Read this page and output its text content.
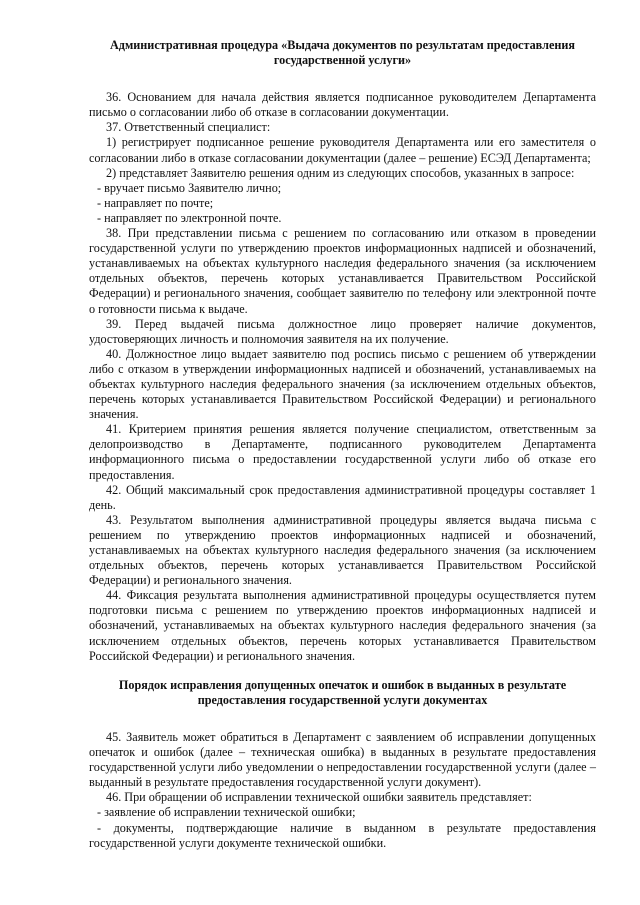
Административная процедура «Выдача документов по результатам предоставления государственной услуги»

36. Основанием для начала действия является подписанное руководителем Департамента письмо о согласовании либо об отказе в согласовании документации.

37. Ответственный специалист:

1) регистрирует подписанное решение руководителя Департамента или его заместителя о согласовании либо в отказе согласовании документации (далее – решение) ЕСЭД Департамента;

2) представляет Заявителю решения одним из следующих способов, указанных в запросе:

- вручает письмо Заявителю лично;

- направляет по почте;

- направляет по электронной почте.

38. При представлении письма с решением по согласованию или отказом в проведении государственной услуги по утверждению проектов информационных надписей и обозначений, устанавливаемых на объектах культурного наследия федерального значения (за исключением отдельных объектов, перечень которых устанавливается Правительством Российской Федерации) и регионального значения, сообщает заявителю по телефону или электронной почте о готовности письма к выдаче.

39. Перед выдачей письма должностное лицо проверяет наличие документов, удостоверяющих личность и полномочия заявителя на их получение.

40. Должностное лицо выдает заявителю под роспись письмо с решением об утверждении либо с отказом в утверждении информационных надписей и обозначений, устанавливаемых на объектах культурного наследия федерального значения (за исключением отдельных объектов, перечень которых устанавливается Правительством Российской Федерации) и регионального значения.

41. Критерием принятия решения является получение специалистом, ответственным за делопроизводство в Департаменте, подписанного руководителем Департамента информационного письма о предоставлении государственной услуги либо об отказе его предоставления.

42. Общий максимальный срок предоставления административной процедуры составляет 1 день.

43. Результатом выполнения административной процедуры является выдача письма с решением по утверждению проектов информационных надписей и обозначений, устанавливаемых на объектах культурного наследия федерального значения (за исключением отдельных объектов, перечень которых устанавливается Правительством Российской Федерации) и регионального значения.

44. Фиксация результата выполнения административной процедуры осуществляется путем подготовки письма с решением по утверждению проектов информационных надписей и обозначений, устанавливаемых на объектах культурного наследия федерального значения (за исключением отдельных объектов, перечень которых устанавливается Правительством Российской Федерации) и регионального значения.

Порядок исправления допущенных опечаток и ошибок в выданных в результате предоставления государственной услуги документах

45. Заявитель может обратиться в Департамент с заявлением об исправлении допущенных опечаток и ошибок (далее – техническая ошибка) в выданных в результате предоставления государственной услуги либо уведомлении о непредоставлении государственной услуги (далее – выданный в результате предоставления государственной услуги документ).

46. При обращении об исправлении технической ошибки заявитель представляет:

- заявление об исправлении технической ошибки;

- документы, подтверждающие наличие в выданном в результате предоставления государственной услуги документе технической ошибки.
